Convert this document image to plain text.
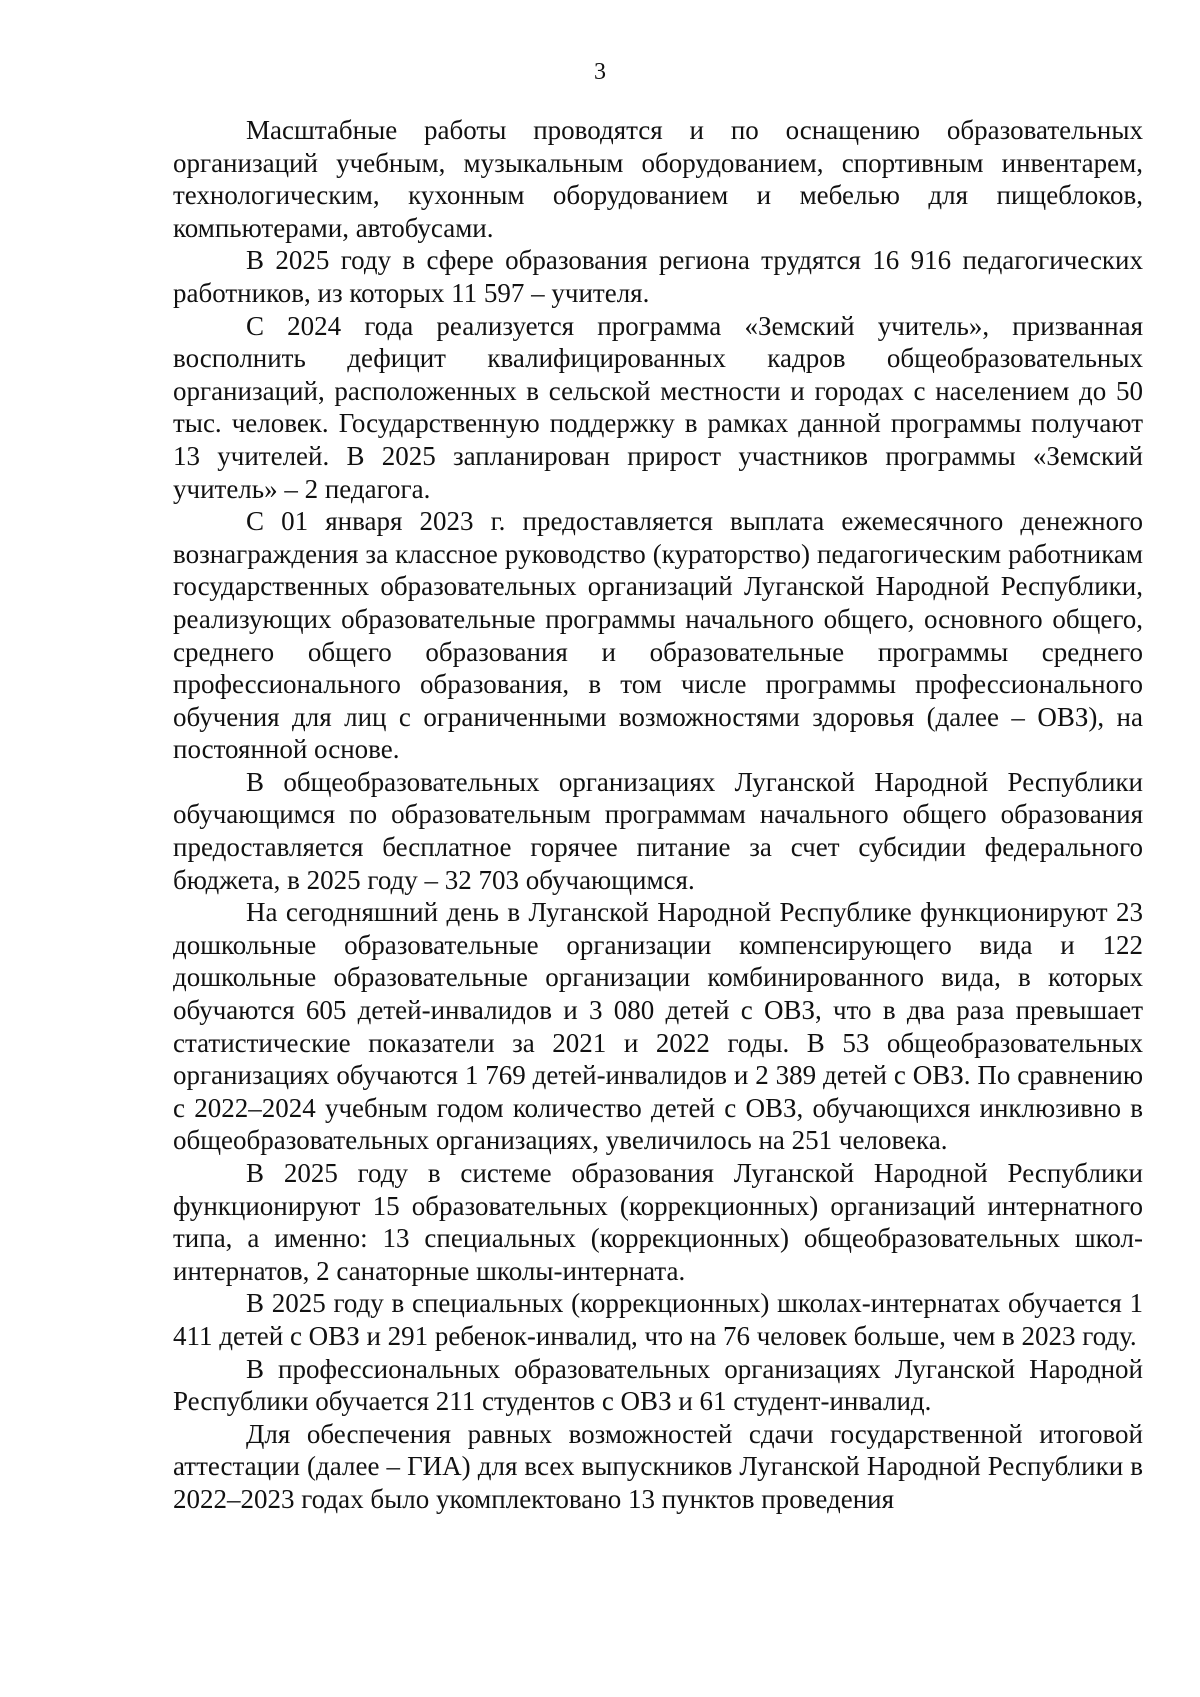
3

Масштабные работы проводятся и по оснащению образовательных организаций учебным, музыкальным оборудованием, спортивным инвентарем, технологическим, кухонным оборудованием и мебелью для пищеблоков, компьютерами, автобусами.

В 2025 году в сфере образования региона трудятся 16 916 педагогических работников, из которых 11 597 – учителя.

С 2024 года реализуется программа «Земский учитель», призванная восполнить дефицит квалифицированных кадров общеобразовательных организаций, расположенных в сельской местности и городах с населением до 50 тыс. человек. Государственную поддержку в рамках данной программы получают 13 учителей. В 2025 запланирован прирост участников программы «Земский учитель» – 2 педагога.

С 01 января 2023 г. предоставляется выплата ежемесячного денежного вознаграждения за классное руководство (кураторство) педагогическим работникам государственных образовательных организаций Луганской Народной Республики, реализующих образовательные программы начального общего, основного общего, среднего общего образования и образовательные программы среднего профессионального образования, в том числе программы профессионального обучения для лиц с ограниченными возможностями здоровья (далее – ОВЗ), на постоянной основе.

В общеобразовательных организациях Луганской Народной Республики обучающимся по образовательным программам начального общего образования предоставляется бесплатное горячее питание за счет субсидии федерального бюджета, в 2025 году – 32 703 обучающимся.

На сегодняшний день в Луганской Народной Республике функционируют 23 дошкольные образовательные организации компенсирующего вида и 122 дошкольные образовательные организации комбинированного вида, в которых обучаются 605 детей-инвалидов и 3 080 детей с ОВЗ, что в два раза превышает статистические показатели за 2021 и 2022 годы. В 53 общеобразовательных организациях обучаются 1 769 детей-инвалидов и 2 389 детей с ОВЗ. По сравнению с 2022–2024 учебным годом количество детей с ОВЗ, обучающихся инклюзивно в общеобразовательных организациях, увеличилось на 251 человека.

В 2025 году в системе образования Луганской Народной Республики функционируют 15 образовательных (коррекционных) организаций интернатного типа, а именно: 13 специальных (коррекционных) общеобразовательных школ-интернатов, 2 санаторные школы-интерната.

В 2025 году в специальных (коррекционных) школах-интернатах обучается 1 411 детей с ОВЗ и 291 ребенок-инвалид, что на 76 человек больше, чем в 2023 году.

В профессиональных образовательных организациях Луганской Народной Республики обучается 211 студентов с ОВЗ и 61 студент-инвалид.

Для обеспечения равных возможностей сдачи государственной итоговой аттестации (далее – ГИА) для всех выпускников Луганской Народной Республики в 2022–2023 годах было укомплектовано 13 пунктов проведения
